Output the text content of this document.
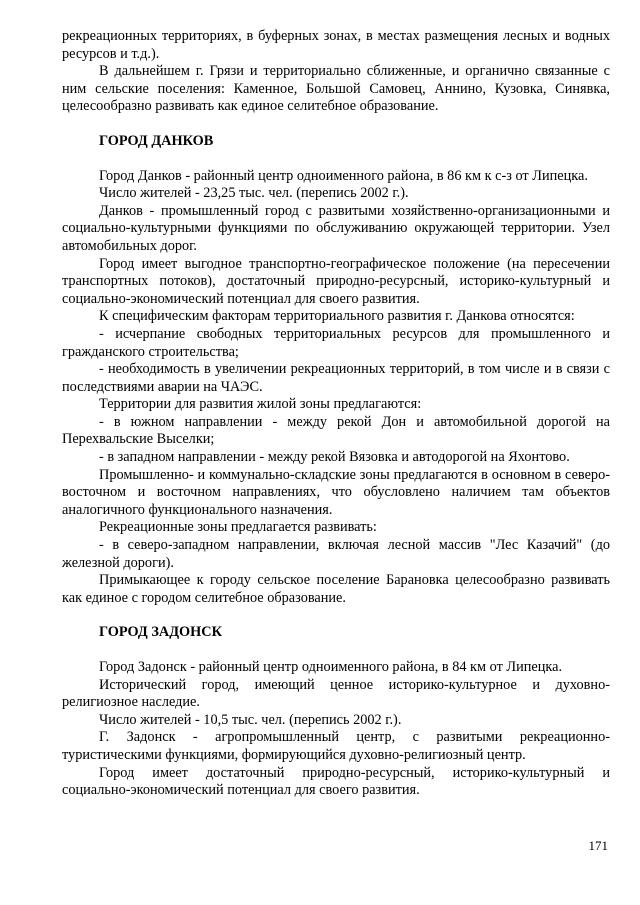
рекреационных территориях, в буферных зонах, в местах размещения лесных и водных ресурсов и т.д.).

В дальнейшем г. Грязи и территориально сближенные, и органично связанные с ним сельские поселения: Каменное, Большой Самовец, Аннино, Кузовка, Синявка, целесообразно развивать как единое селитебное образование.

ГОРОД ДАНКОВ

Город Данков - районный центр одноименного района, в 86 км к с-з от Липецка.

Число жителей - 23,25 тыс. чел. (перепись 2002 г.).

Данков - промышленный город с развитыми хозяйственно-организационными и социально-культурными функциями по обслуживанию окружающей территории. Узел автомобильных дорог.

Город имеет выгодное транспортно-географическое положение (на пересечении транспортных потоков), достаточный природно-ресурсный, историко-культурный и социально-экономический потенциал для своего развития.

К специфическим факторам территориального развития г. Данкова относятся:

- исчерпание свободных территориальных ресурсов для промышленного и гражданского строительства;

- необходимость в увеличении рекреационных территорий, в том числе и в связи с последствиями аварии на ЧАЭС.

Территории для развития жилой зоны предлагаются:

- в южном направлении - между рекой Дон и автомобильной дорогой на Перехвальские Выселки;

- в западном направлении - между рекой Вязовка и автодорогой на Яхонтово.

Промышленно- и коммунально-складские зоны предлагаются в основном в северо-восточном и восточном направлениях, что обусловлено наличием там объектов аналогичного функционального назначения.

Рекреационные зоны предлагается развивать:

- в северо-западном направлении, включая лесной массив "Лес Казачий" (до железной дороги).

Примыкающее к городу сельское поселение Барановка целесообразно развивать как единое с городом селитебное образование.

ГОРОД ЗАДОНСК

Город Задонск - районный центр одноименного района, в 84 км от Липецка.

Исторический город, имеющий ценное историко-культурное и духовно-религиозное наследие.

Число жителей - 10,5 тыс. чел. (перепись 2002 г.).

Г. Задонск - агропромышленный центр, с развитыми рекреационно-туристическими функциями, формирующийся духовно-религиозный центр.

Город имеет достаточный природно-ресурсный, историко-культурный и социально-экономический потенциал для своего развития.

171
